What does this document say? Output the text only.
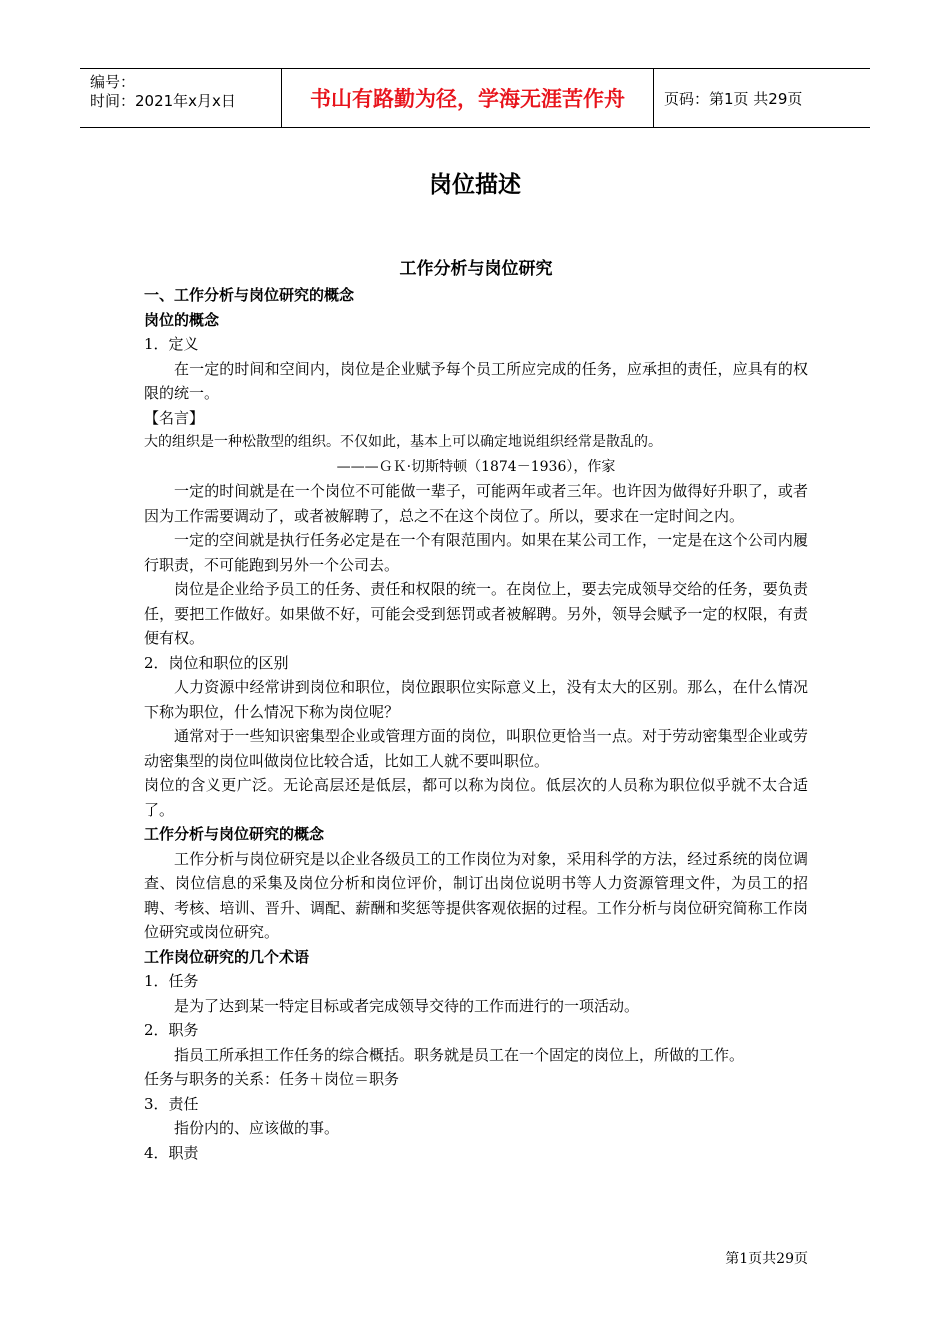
编号：
时间：2021年x月x日	书山有路勤为径，学海无涯苦作舟	页码：第1页 共29页
岗位描述
工作分析与岗位研究
一、工作分析与岗位研究的概念
岗位的概念
1．定义
在一定的时间和空间内，岗位是企业赋予每个员工所应完成的任务，应承担的责任，应具有的权限的统一。
【名言】
大的组织是一种松散型的组织。不仅如此，基本上可以确定地说组织经常是散乱的。
———ＧＫ·切斯特顿（1874－1936），作家
一定的时间就是在一个岗位不可能做一辈子，可能两年或者三年。也许因为做得好升职了，或者因为工作需要调动了，或者被解聘了，总之不在这个岗位了。所以，要求在一定时间之内。
一定的空间就是执行任务必定是在一个有限范围内。如果在某公司工作，一定是在这个公司内履行职责，不可能跑到另外一个公司去。
岗位是企业给予员工的任务、责任和权限的统一。在岗位上，要去完成领导交给的任务，要负责任，要把工作做好。如果做不好，可能会受到惩罚或者被解聘。另外，领导会赋予一定的权限，有责便有权。
2．岗位和职位的区别
人力资源中经常讲到岗位和职位，岗位跟职位实际意义上，没有太大的区别。那么，在什么情况下称为职位，什么情况下称为岗位呢？
通常对于一些知识密集型企业或管理方面的岗位，叫职位更恰当一点。对于劳动密集型企业或劳动密集型的岗位叫做岗位比较合适，比如工人就不要叫职位。
岗位的含义更广泛。无论高层还是低层，都可以称为岗位。低层次的人员称为职位似乎就不太合适了。
工作分析与岗位研究的概念
工作分析与岗位研究是以企业各级员工的工作岗位为对象，采用科学的方法，经过系统的岗位调查、岗位信息的采集及岗位分析和岗位评价，制订出岗位说明书等人力资源管理文件，为员工的招聘、考核、培训、晋升、调配、薪酬和奖惩等提供客观依据的过程。工作分析与岗位研究简称工作岗位研究或岗位研究。
工作岗位研究的几个术语
1．任务
是为了达到某一特定目标或者完成领导交待的工作而进行的一项活动。
2．职务
指员工所承担工作任务的综合概括。职务就是员工在一个固定的岗位上，所做的工作。
任务与职务的关系：任务＋岗位＝职务
3．责任
指份内的、应该做的事。
4．职责
第1页共29页
